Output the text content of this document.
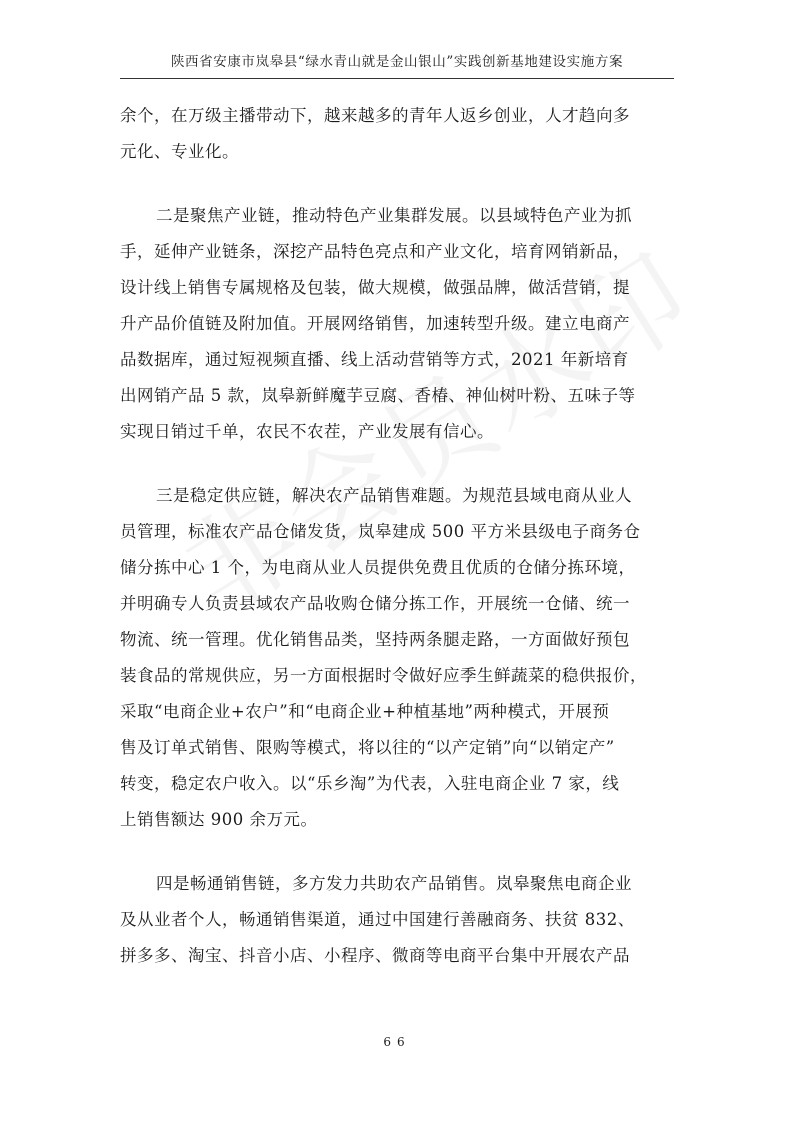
陕西省安康市岚皋县“绿水青山就是金山银山”实践创新基地建设实施方案
余个，在万级主播带动下，越来越多的青年人返乡创业，人才趋向多
元化、专业化。
二是聚焦产业链，推动特色产业集群发展。以县域特色产业为抓
手，延伸产业链条，深挖产品特色亮点和产业文化，培育网销新品，
设计线上销售专属规格及包装，做大规模，做强品牌，做活营销，提
升产品价值链及附加值。开展网络销售，加速转型升级。建立电商产
品数据库，通过短视频直播、线上活动营销等方式，2021 年新培育
出网销产品 5 款，岚皋新鲜魔芋豆腐、香椿、神仙树叶粉、五味子等
实现日销过千单，农民不农茬，产业发展有信心。
三是稳定供应链，解决农产品销售难题。为规范县域电商从业人
员管理，标准农产品仓储发货，岚皋建成 500 平方米县级电子商务仓
储分拣中心 1 个，为电商从业人员提供免费且优质的仓储分拣环境，
并明确专人负责县域农产品收购仓储分拣工作，开展统一仓储、统一
物流、统一管理。优化销售品类，坚持两条腿走路，一方面做好预包
装食品的常规供应，另一方面根据时令做好应季生鲜蔬菜的稳供报价，
采取“电商企业+农户”和“电商企业+种植基地”两种模式，开展预
售及订单式销售、限购等模式，将以往的“以产定销”向“以销定产”
转变，稳定农户收入。以“乐乡淘”为代表，入驻电商企业 7 家，线
上销售额达 900 余万元。
四是畅通销售链，多方发力共助农产品销售。岚皋聚焦电商企业
及从业者个人，畅通销售渠道，通过中国建行善融商务、扶贫 832、
拼多多、淘宝、抖音小店、小程序、微商等电商平台集中开展农产品
66
